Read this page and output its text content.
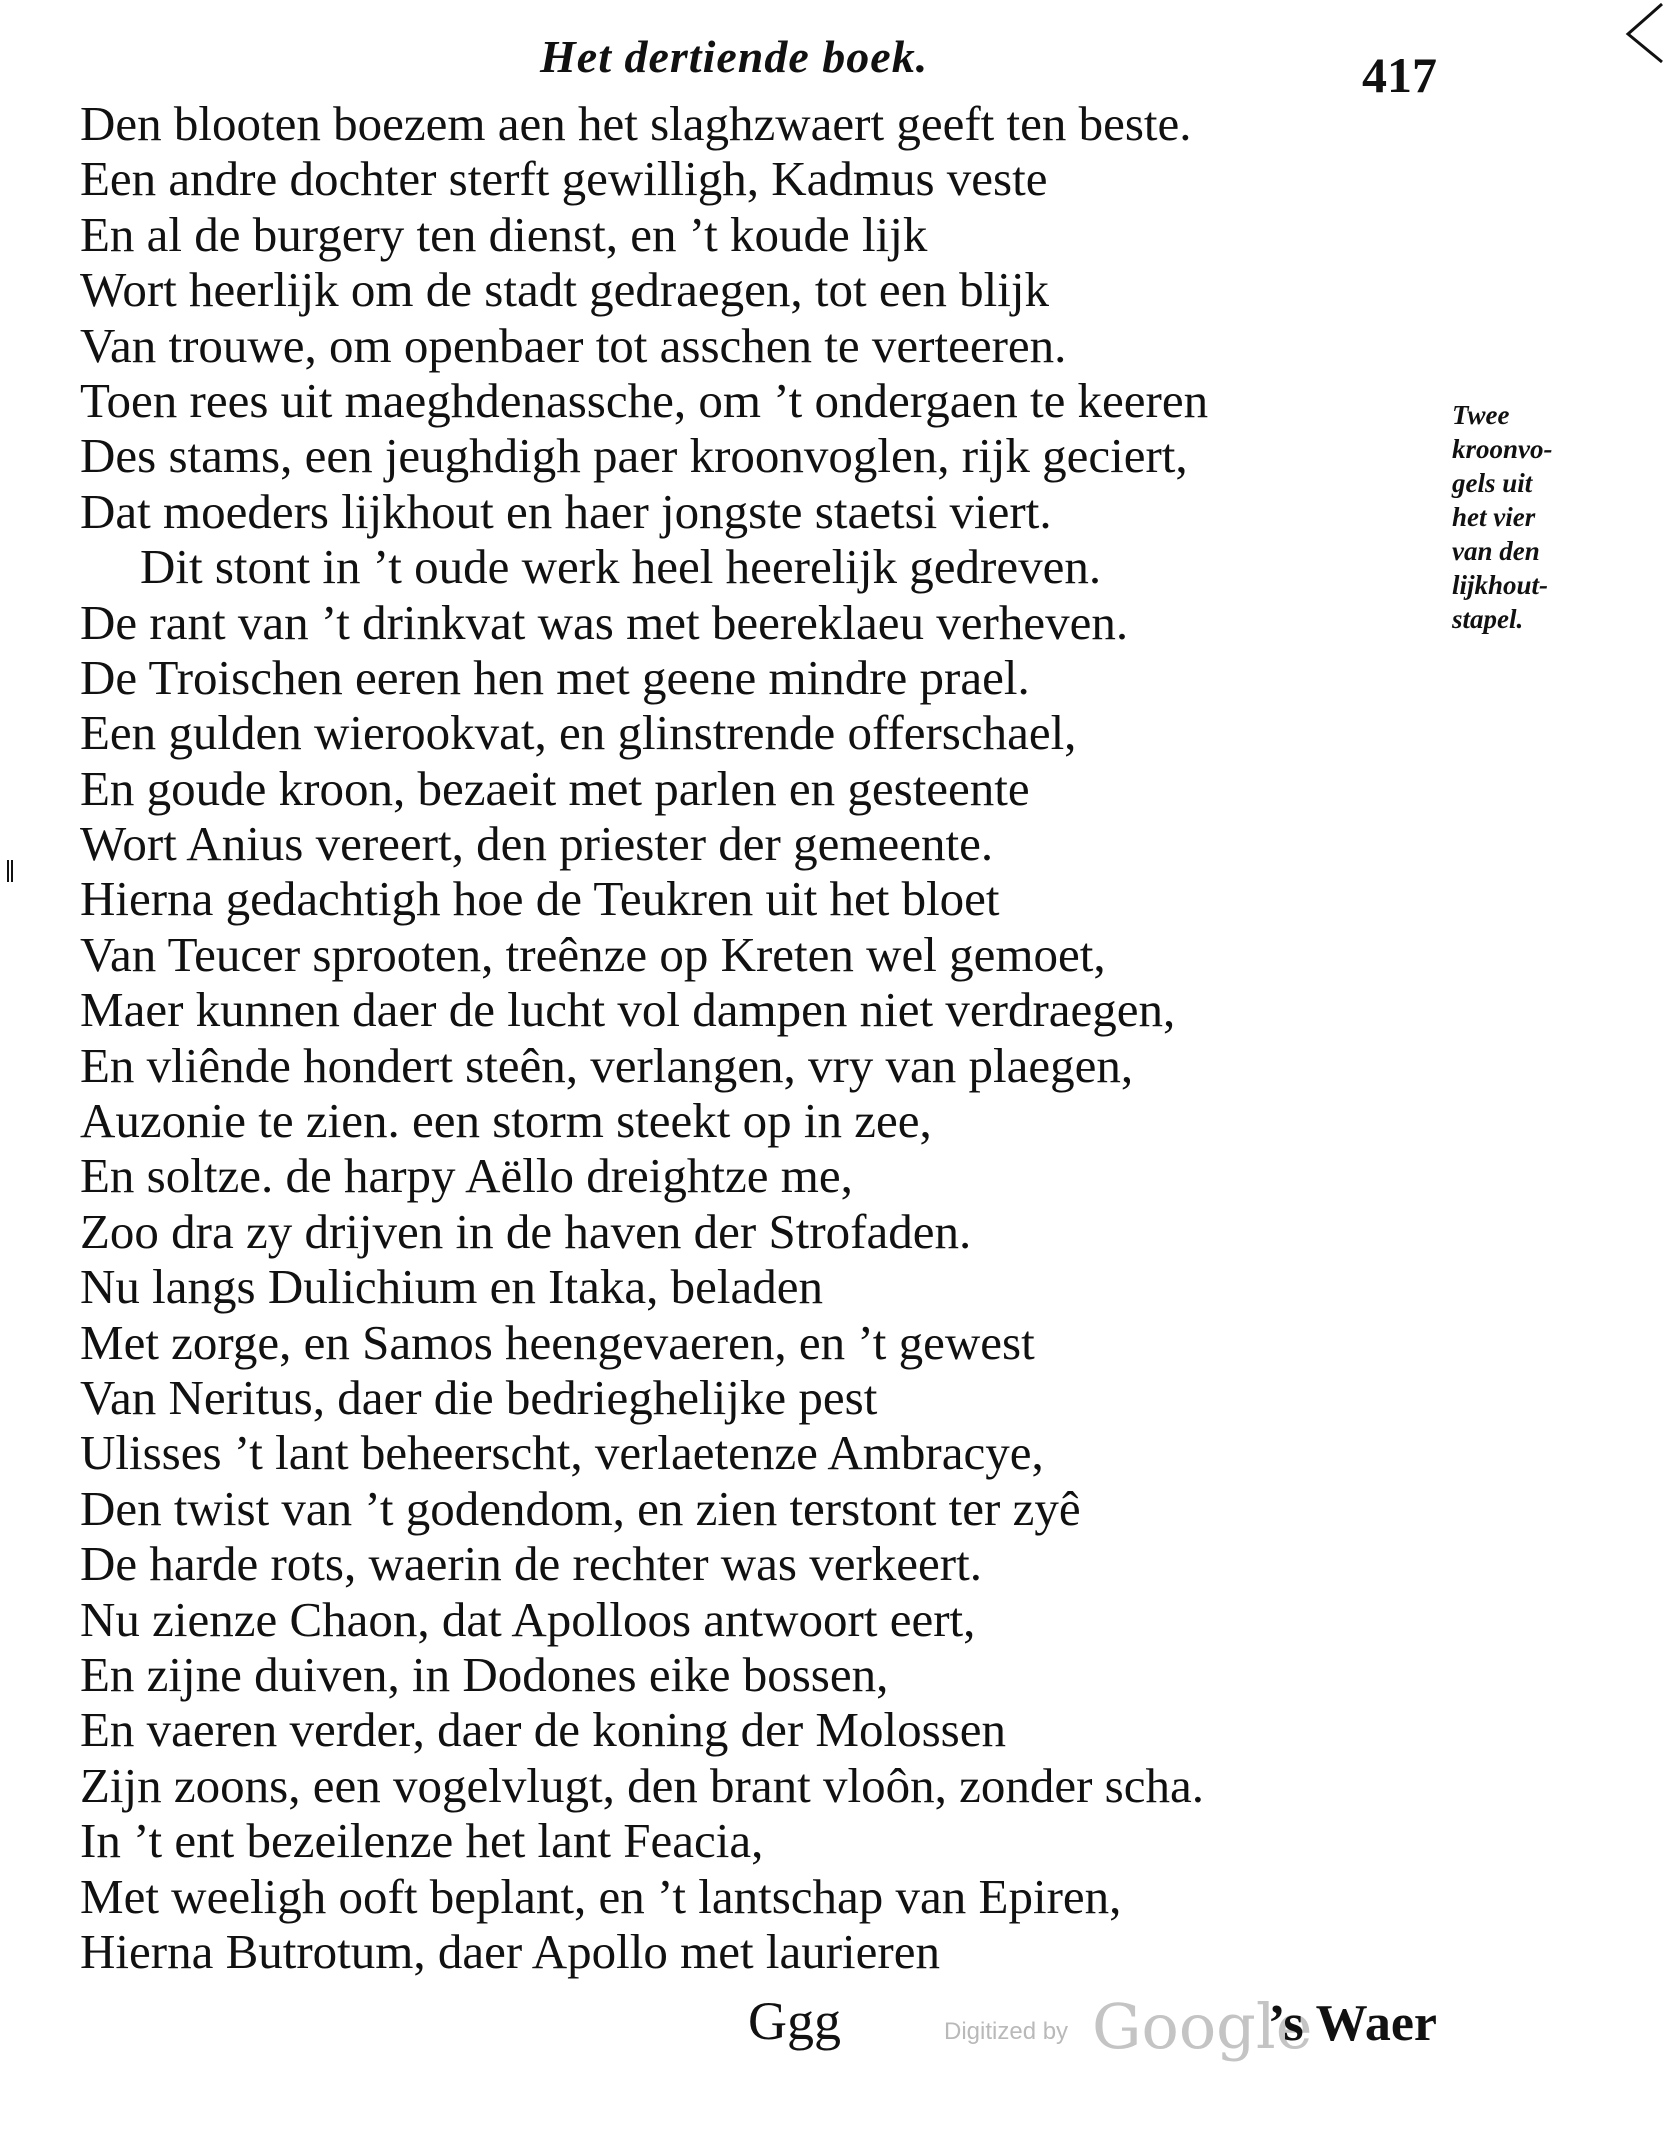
Het dertiende boek.	417
Den blooten boezem aen het slaghzwaert geeft ten beste.
Een andre dochter sterft gewilligh, Kadmus veste
En al de burgery ten dienst, en ’t koude lijk
Wort heerlijk om de stadt gedraegen, tot een blijk
Van trouwe, om openbaer tot asschen te verteeren.
Toen rees uit maeghdenassche, om ’t ondergaen te keeren
Des stams, een jeughdigh paer kroonvoglen, rijk geciert,
Dat moeders lijkhout en haer jongste staetsi viert.
Dit stont in ’t oude werk heel heerelijk gedreven.
De rant van ’t drinkvat was met beereklaeu verheven.
De Troischen eeren hen met geene mindre prael.
Een gulden wierookvat, en glinstrende offerschael,
En goude kroon, bezaeit met parlen en gesteente
Wort Anius vereert, den priester der gemeente.
Hierna gedachtigh hoe de Teukren uit het bloet
Van Teucer sprooten, treênze op Kreten wel gemoet,
Maer kunnen daer de lucht vol dampen niet verdraegen,
En vliênde hondert steên, verlangen, vry van plaegen,
Auzonie te zien. een storm steekt op in zee,
En soltze. de harpy Aëllo dreightze me,
Zoo dra zy drijven in de haven der Strofaden.
Nu langs Dulichium en Itaka, beladen
Met zorge, en Samos heengevaeren, en ’t gewest
Van Neritus, daer die bedrieghelijke pest
Ulisses ’t lant beheerscht, verlaetenze Ambracye,
Den twist van ’t godendom, en zien terstont ter zyê
De harde rots, waerin de rechter was verkeert.
Nu zienze Chaon, dat Apolloos antwoort eert,
En zijne duiven, in Dodones eike bossen,
En vaeren verder, daer de koning der Molossen
Zijn zoons, een vogelvlugt, den brant vloôn, zonder scha.
In ’t ent bezeilenze het lant Feacia,
Met weeligh ooft beplant, en ’t lantschap van Epiren,
Hierna Butrotum, daer Apollo met laurieren
Twee
kroonvo-
gels uit
het vier
van den
lijkhout-
stapel.
Ggg	Digitized by Google
’s Waer
